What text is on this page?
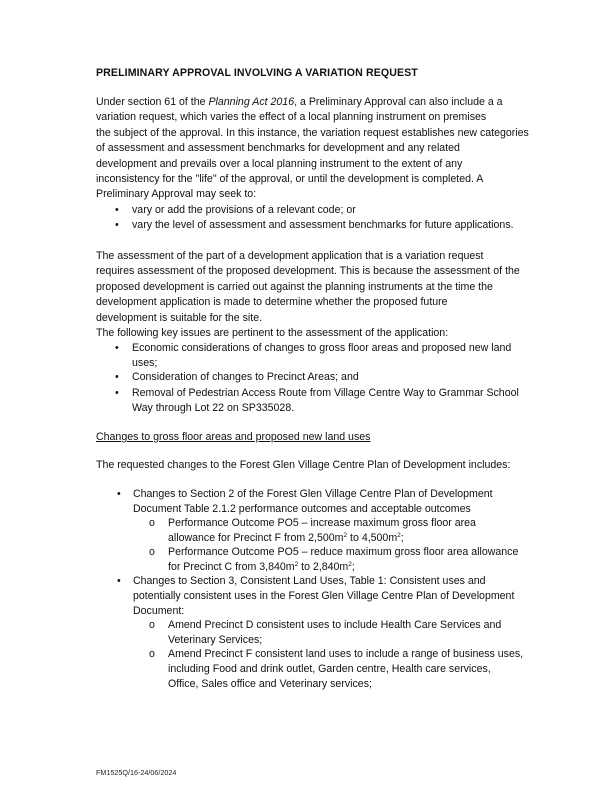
PRELIMINARY APPROVAL INVOLVING A VARIATION REQUEST
Under section 61 of the Planning Act 2016, a Preliminary Approval can also include a a
variation request, which varies the effect of a local planning instrument on premises
the subject of the approval. In this instance, the variation request establishes new categories
of assessment and assessment benchmarks for development and any related
development and prevails over a local planning instrument to the extent of any
inconsistency for the "life" of the approval, or until the development is completed. A
Preliminary Approval may seek to:
• vary or add the provisions of a relevant code; or
• vary the level of assessment and assessment benchmarks for future applications.
The assessment of the part of a development application that is a variation request
requires assessment of the proposed development. This is because the assessment of the
proposed development is carried out against the planning instruments at the time the
development application is made to determine whether the proposed future
development is suitable for the site.
The following key issues are pertinent to the assessment of the application:
• Economic considerations of changes to gross floor areas and proposed new land
uses;
• Consideration of changes to Precinct Areas; and
• Removal of Pedestrian Access Route from Village Centre Way to Grammar School
Way through Lot 22 on SP335028.
Changes to gross floor areas and proposed new land uses
The requested changes to the Forest Glen Village Centre Plan of Development includes:
• Changes to Section 2 of the Forest Glen Village Centre Plan of Development
Document Table 2.1.2 performance outcomes and acceptable outcomes
o Performance Outcome PO5 – increase maximum gross floor area
allowance for Precinct F from $2,500m^2$ to $4,500m^2$;
o Performance Outcome PO5 – reduce maximum gross floor area allowance
for Precinct C from $3,840m^2$ to $2,840m^2$;
• Changes to Section 3, Consistent Land Uses, Table 1: Consistent uses and
potentially consistent uses in the Forest Glen Village Centre Plan of Development
Document:
o Amend Precinct D consistent uses to include Health Care Services and
Veterinary Services;
o Amend Precinct F consistent land uses to include a range of business uses,
including Food and drink outlet, Garden centre, Health care services,
Office, Sales office and Veterinary services;
FM1525Q/16-24/06/2024
